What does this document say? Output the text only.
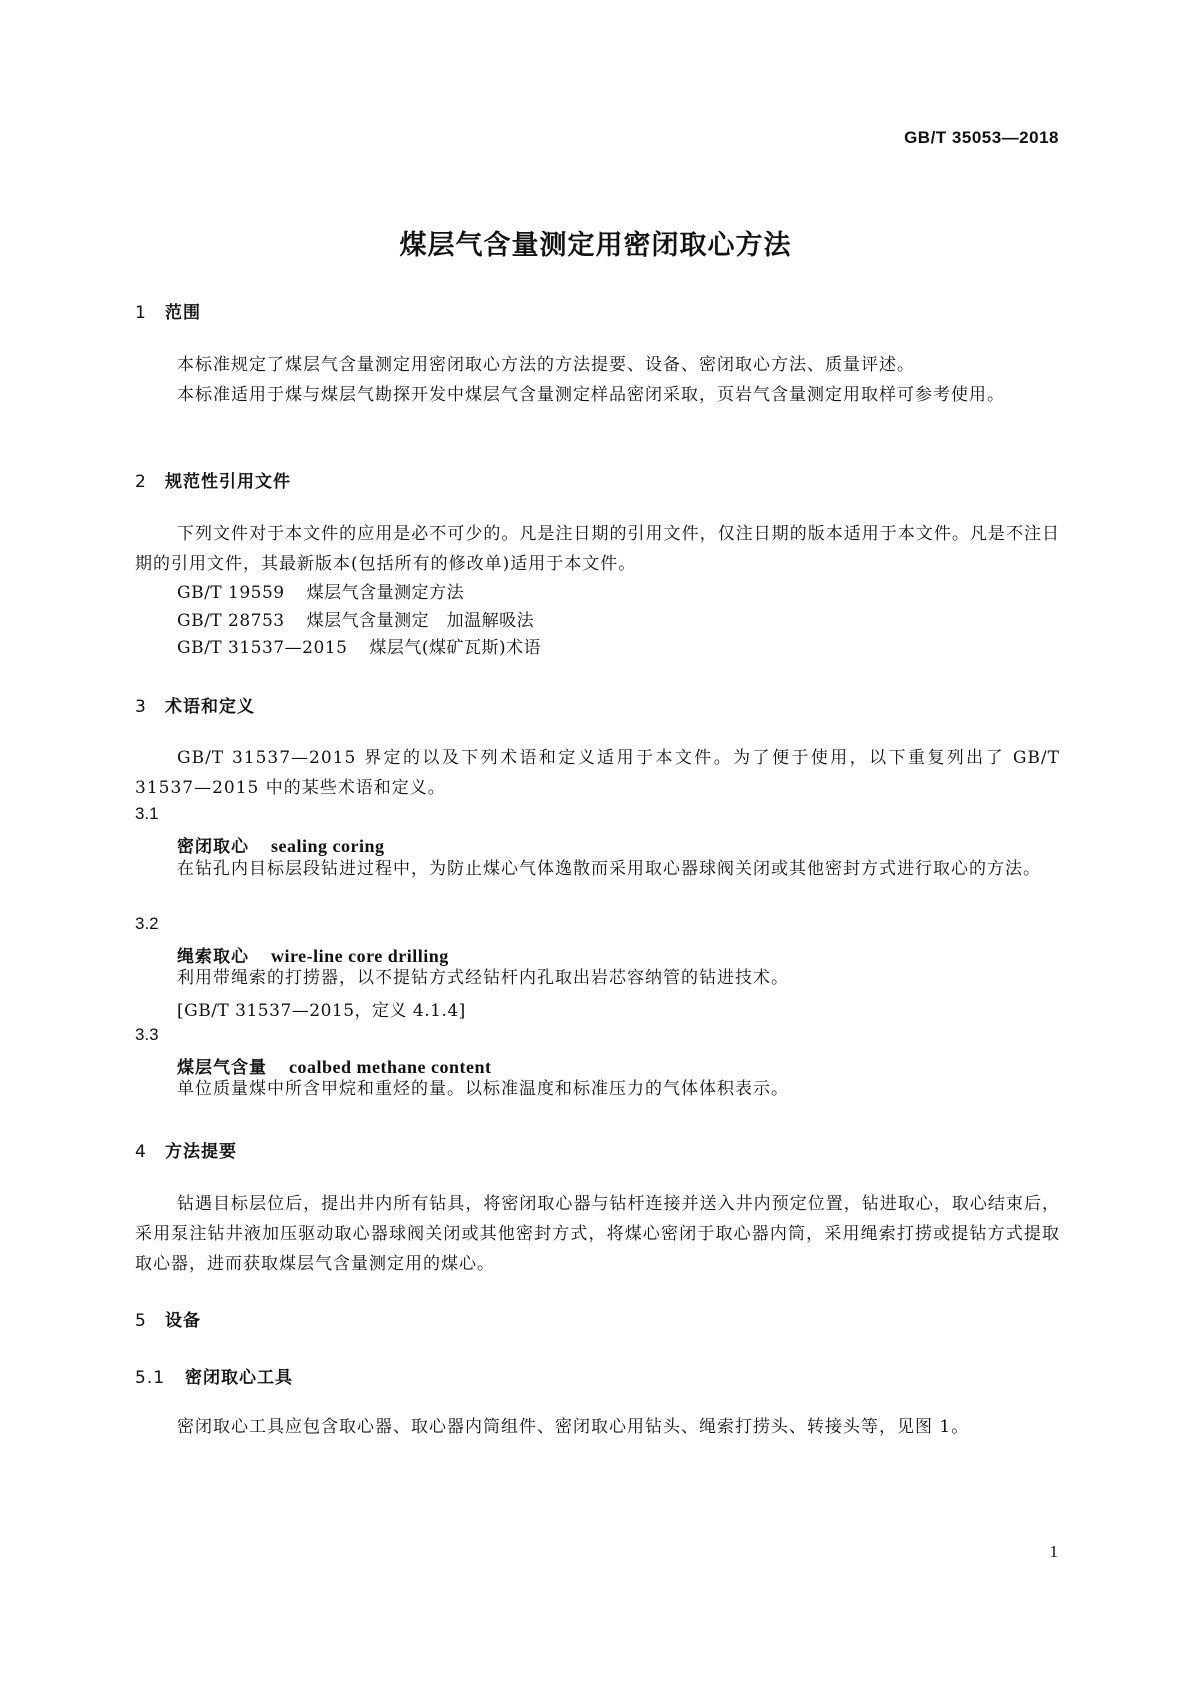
GB/T 35053—2018
煤层气含量测定用密闭取心方法
1 范围

本标准规定了煤层气含量测定用密闭取心方法的方法提要、设备、密闭取心方法、质量评述。

本标准适用于煤与煤层气勘探开发中煤层气含量测定样品密闭采取，页岩气含量测定用取样可参考使用。

2 规范性引用文件

下列文件对于本文件的应用是必不可少的。凡是注日期的引用文件，仅注日期的版本适用于本文件。凡是不注日期的引用文件，其最新版本(包括所有的修改单)适用于本文件。

GB/T 19559 煤层气含量测定方法
GB/T 28753 煤层气含量测定　加温解吸法
GB/T 31537—2015 煤层气(煤矿瓦斯)术语
3 术语和定义

GB/T 31537—2015 界定的以及下列术语和定义适用于本文件。为了便于使用，以下重复列出了 GB/T 31537—2015 中的某些术语和定义。

3.1
密闭取心 sealing coring

在钻孔内目标层段钻进过程中，为防止煤心气体逸散而采用取心器球阀关闭或其他密封方式进行取心的方法。

3.2
绳索取心 wire-line core drilling

利用带绳索的打捞器，以不提钻方式经钻杆内孔取出岩芯容纳管的钻进技术。

[GB/T 31537—2015，定义 4.1.4]
3.3
煤层气含量 coalbed methane content

单位质量煤中所含甲烷和重烃的量。以标准温度和标准压力的气体体积表示。

4 方法提要

钻遇目标层位后，提出井内所有钻具，将密闭取心器与钻杆连接并送入井内预定位置，钻进取心，取心结束后，采用泵注钻井液加压驱动取心器球阀关闭或其他密封方式，将煤心密闭于取心器内筒，采用绳索打捞或提钻方式提取取心器，进而获取煤层气含量测定用的煤心。

5 设备
5.1 密闭取心工具

密闭取心工具应包含取心器、取心器内筒组件、密闭取心用钻头、绳索打捞头、转接头等，见图 1。

1
